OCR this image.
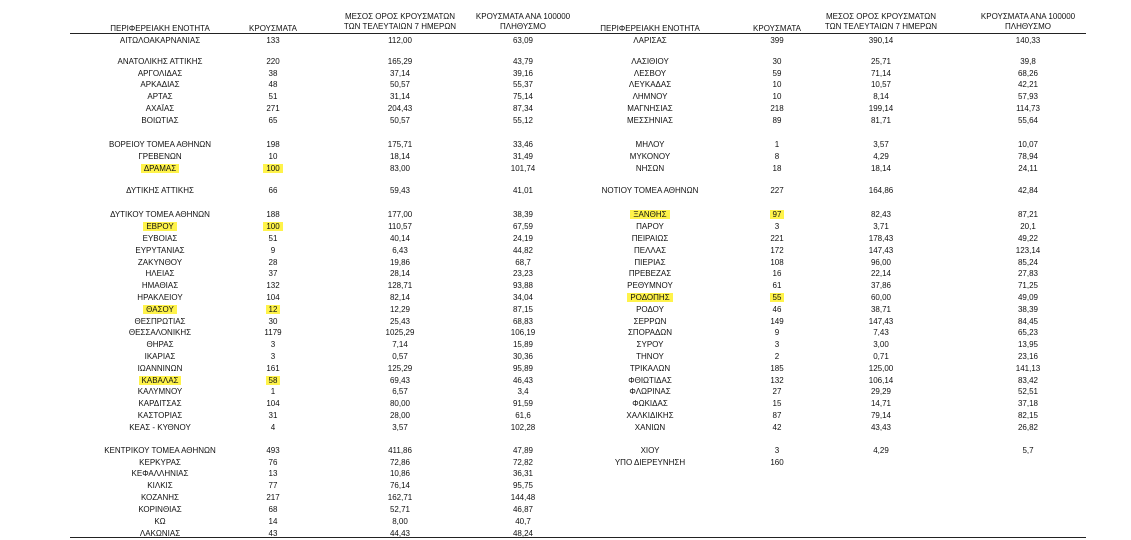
ΠΕΡΙΦΕΡΕΙΑΚΗ ΕΝΟΤΗΤΑ	ΚΡΟΥΣΜΑΤΑ
ΜΕΣΟΣ ΟΡΟΣ ΚΡΟΥΣΜΑΤΩΝ
ΤΩΝ ΤΕΛΕΥΤΑΙΩΝ 7 ΗΜΕΡΩΝ
ΚΡΟΥΣΜΑΤΑ ΑΝΑ 100000
ΠΛΗΘΥΣΜΟ	ΠΕΡΙΦΕΡΕΙΑΚΗ ΕΝΟΤΗΤΑ	ΚΡΟΥΣΜΑΤΑ
ΜΕΣΟΣ ΟΡΟΣ ΚΡΟΥΣΜΑΤΩΝ
ΤΩΝ ΤΕΛΕΥΤΑΙΩΝ 7 ΗΜΕΡΩΝ
ΚΡΟΥΣΜΑΤΑ ΑΝΑ 100000
ΠΛΗΘΥΣΜΟ
ΑΙΤΩΛΟΑΚΑΡΝΑΝΙΑΣ	133	112,00	63,09
ΑΝΑΤΟΛΙΚΗΣ ΑΤΤΙΚΗΣ	220	165,29	43,79
ΑΡΓΟΛΙΔΑΣ	38	37,14	39,16
ΑΡΚΑΔΙΑΣ	48	50,57	55,37
ΑΡΤΑΣ	51	31,14	75,14
ΑΧΑΪΑΣ	271	204,43	87,34
ΒΟΙΩΤΙΑΣ	65	50,57	55,12
ΒΟΡΕΙΟΥ ΤΟΜΕΑ ΑΘΗΝΩΝ	198	175,71	33,46
ΓΡΕΒΕΝΩΝ	10	18,14	31,49
ΔΡΑΜΑΣ	100	83,00	101,74
ΔΥΤΙΚΗΣ ΑΤΤΙΚΗΣ	66	59,43	41,01
ΔΥΤΙΚΟΥ ΤΟΜΕΑ ΑΘΗΝΩΝ	188	177,00	38,39
ΕΒΡΟΥ	100	110,57	67,59
ΕΥΒΟΙΑΣ	51	40,14	24,19
ΕΥΡΥΤΑΝΙΑΣ	9	6,43	44,82
ΖΑΚΥΝΘΟΥ	28	19,86	68,7
ΗΛΕΙΑΣ	37	28,14	23,23
ΗΜΑΘΙΑΣ	132	128,71	93,88
ΗΡΑΚΛΕΙΟΥ	104	82,14	34,04
ΘΑΣΟΥ	12	12,29	87,15
ΘΕΣΠΡΩΤΙΑΣ	30	25,43	68,83
ΘΕΣΣΑΛΟΝΙΚΗΣ	1179	1025,29	106,19
ΘΗΡΑΣ	3	7,14	15,89
ΙΚΑΡΙΑΣ	3	0,57	30,36
ΙΩΑΝΝΙΝΩΝ	161	125,29	95,89
ΚΑΒΑΛΑΣ	58	69,43	46,43
ΚΑΛΥΜΝΟΥ	1	6,57	3,4
ΚΑΡΔΙΤΣΑΣ	104	80,00	91,59
ΚΑΣΤΟΡΙΑΣ	31	28,00	61,6
ΚΕΑΣ - ΚΥΘΝΟΥ	4	3,57	102,28
ΚΕΝΤΡΙΚΟΥ ΤΟΜΕΑ ΑΘΗΝΩΝ	493	411,86	47,89
ΚΕΡΚΥΡΑΣ	76	72,86	72,82
ΚΕΦΑΛΛΗΝΙΑΣ	13	10,86	36,31
ΚΙΛΚΙΣ	77	76,14	95,75
ΚΟΖΑΝΗΣ	217	162,71	144,48
ΚΟΡΙΝΘΙΑΣ	68	52,71	46,87
ΚΩ	14	8,00	40,7
ΛΑΚΩΝΙΑΣ	43	44,43	48,24
ΛΑΡΙΣΑΣ	399	390,14	140,33
ΛΑΣΙΘΙΟΥ	30	25,71	39,8
ΛΕΣΒΟΥ	59	71,14	68,26
ΛΕΥΚΑΔΑΣ	10	10,57	42,21
ΛΗΜΝΟΥ	10	8,14	57,93
ΜΑΓΝΗΣΙΑΣ	218	199,14	114,73
ΜΕΣΣΗΝΙΑΣ	89	81,71	55,64
ΜΗΛΟΥ	1	3,57	10,07
ΜΥΚΟΝΟΥ	8	4,29	78,94
ΝΗΣΩΝ	18	18,14	24,11
ΝΟΤΙΟΥ ΤΟΜΕΑ ΑΘΗΝΩΝ	227	164,86	42,84
ΞΑΝΘΗΣ	97	82,43	87,21
ΠΑΡΟΥ	3	3,71	20,1
ΠΕΙΡΑΙΩΣ	221	178,43	49,22
ΠΕΛΛΑΣ	172	147,43	123,14
ΠΙΕΡΙΑΣ	108	96,00	85,24
ΠΡΕΒΕΖΑΣ	16	22,14	27,83
ΡΕΘΥΜΝΟΥ	61	37,86	71,25
ΡΟΔΟΠΗΣ	55	60,00	49,09
ΡΟΔΟΥ	46	38,71	38,39
ΣΕΡΡΩΝ	149	147,43	84,45
ΣΠΟΡΑΔΩΝ	9	7,43	65,23
ΣΥΡΟΥ	3	3,00	13,95
ΤΗΝΟΥ	2	0,71	23,16
ΤΡΙΚΑΛΩΝ	185	125,00	141,13
ΦΘΙΩΤΙΔΑΣ	132	106,14	83,42
ΦΛΩΡΙΝΑΣ	27	29,29	52,51
ΦΩΚΙΔΑΣ	15	14,71	37,18
ΧΑΛΚΙΔΙΚΗΣ	87	79,14	82,15
ΧΑΝΙΩΝ	42	43,43	26,82
ΧΙΟΥ	3	4,29	5,7
ΥΠΟ ΔΙΕΡΕΥΝΗΣΗ	160
